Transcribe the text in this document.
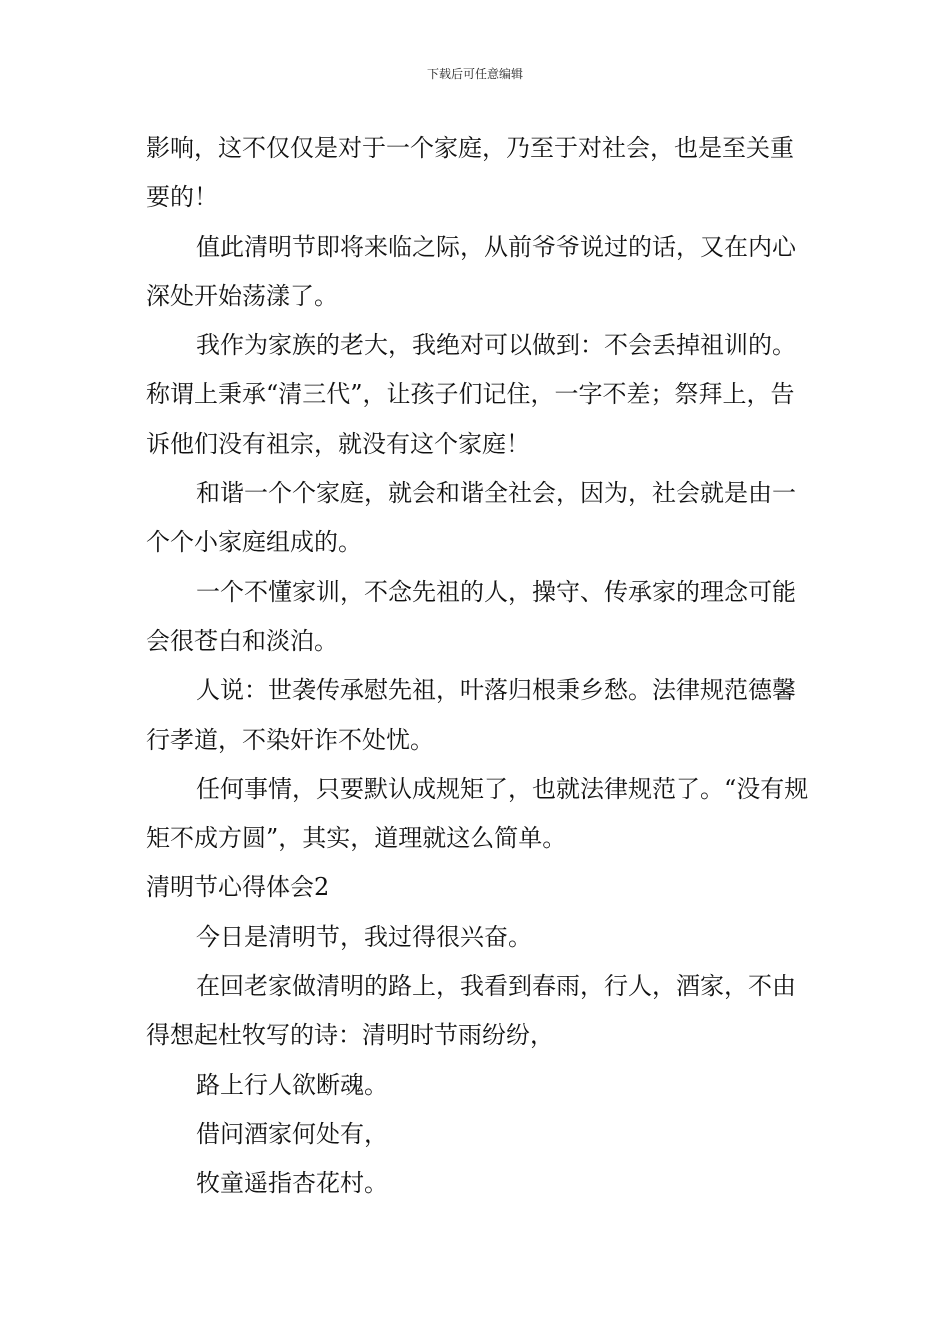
下载后可任意编辑

影响，这不仅仅是对于一个家庭，乃至于对社会，也是至关重要的！

值此清明节即将来临之际，从前爷爷说过的话，又在内心深处开始荡漾了。

我作为家族的老大，我绝对可以做到：不会丢掉祖训的。称谓上秉承“清三代”，让孩子们记住，一字不差；祭拜上，告诉他们没有祖宗，就没有这个家庭！

和谐一个个家庭，就会和谐全社会，因为，社会就是由一个个小家庭组成的。

一个不懂家训，不念先祖的人，操守、传承家的理念可能会很苍白和淡泊。

人说：世袭传承慰先祖，叶落归根秉乡愁。法律规范德馨行孝道，不染奸诈不处忧。

任何事情，只要默认成规矩了，也就法律规范了。“没有规矩不成方圆”，其实，道理就这么简单。

清明节心得体会2

今日是清明节，我过得很兴奋。

在回老家做清明的路上，我看到春雨，行人，酒家，不由得想起杜牧写的诗：清明时节雨纷纷，

路上行人欲断魂。

借问酒家何处有，

牧童遥指杏花村。
